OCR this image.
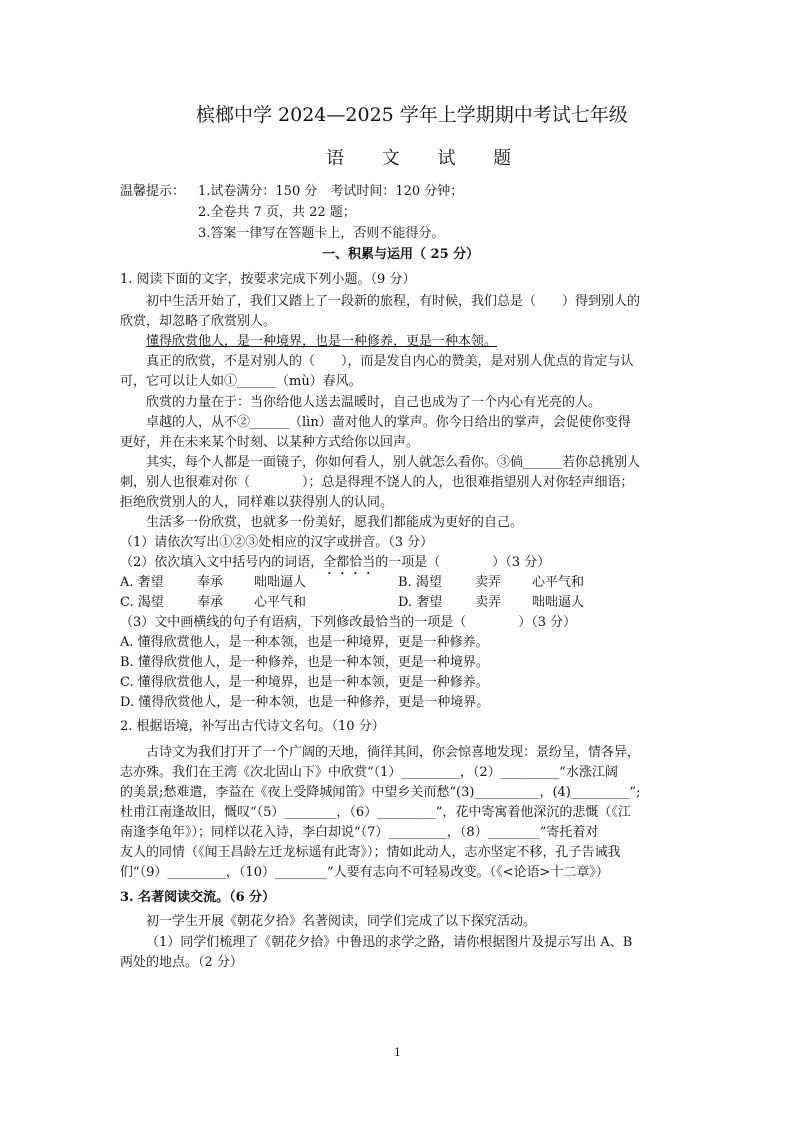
槟榔中学 2024—2025 学年上学期期中考试七年级
语 文 试 题
温馨提示： 1.试卷满分：150 分　考试时间：120 分钟；
2.全卷共 7 页，共 22 题；
3.答案一律写在答题卡上，否则不能得分。
一、积累与运用（ 25 分）
1. 阅读下面的文字，按要求完成下列小题。（9 分）
初中生活开始了，我们又踏上了一段新的旅程，有时候，我们总是（　　）得到别人的
欣赏，却忽略了欣赏别人。
懂得欣赏他人，是一种境界，也是一种修养，更是一种本领。
真正的欣赏，不是对别人的（　　），而是发自内心的赞美，是对别人优点的肯定与认
可，它可以让人如①______（mù）春风。
欣赏的力量在于：当你给他人送去温暖时，自己也成为了一个内心有光亮的人。
卓越的人，从不②______（lìn）啬对他人的掌声。你今日给出的掌声，会促使你变得
更好，并在未来某个时刻、以某种方式给你以回声。
其实，每个人都是一面镜子，你如何看人，别人就怎么看你。③倘______若你总挑别人
刺，别人也很难对你（　　　　）；总是得理不饶人的人，也很难指望别人对你轻声细语；
拒绝欣赏别人的人，同样难以获得别人的认同。
生活多一份欣赏，也就多一份美好，愿我们都能成为更好的自己。
（1）请依次写出①②③处相应的汉字或拼音。（3 分）
（2）依次填入文中括号内的词语，全都恰当的一项是（　　　　）（3 分）
A. 奢望	奉承 咄咄逼人	B. 渴望	卖弄 心平气和
C. 渴望	奉承 心平气和	D. 奢望	卖弄 咄咄逼人
（3）文中画横线的句子有语病，下列修改最恰当的一项是（　　　　）（3 分）
A. 懂得欣赏他人，是一种本领，也是一种境界，更是一种修养。
B. 懂得欣赏他人，是一种修养，也是一种本领，更是一种境界。
C. 懂得欣赏他人，是一种境界，也是一种本领，更是一种修养。
D. 懂得欣赏他人，是一种本领，也是一种修养，更是一种境界。
2. 根据语境，补写出古代诗文名句。（10 分）
古诗文为我们打开了一个广阔的天地，徜徉其间，你会惊喜地发现：景纷呈，情各异，
志亦殊。我们在王湾《次北固山下》中欣赏“（1）_________，（2）_________”水涨江阔
的美景;愁难遣，李益在《夜上受降城闻笛》中望乡关而愁“(3)__________，(4)_________”;
杜甫江南逢故旧，慨叹“（5）________，（6）_________”，花中寄寓着他深沉的悲慨（《江
南逢李龟年》）；同样以花入诗，李白却说“（7）_________，（8）________”寄托着对
友人的同情（《闻王昌龄左迁龙标遥有此寄》）；情如此动人，志亦坚定不移，孔子告诫我
们“（9）_________，（10）________”人要有志向不可轻易改变。（《<论语>十二章》）
3. 名著阅读交流。（6 分）
初一学生开展《朝花夕拾》名著阅读，同学们完成了以下探究活动。
（1）同学们梳理了《朝花夕拾》中鲁迅的求学之路，请你根据图片及提示写出 A、B
两处的地点。（2 分）
1
